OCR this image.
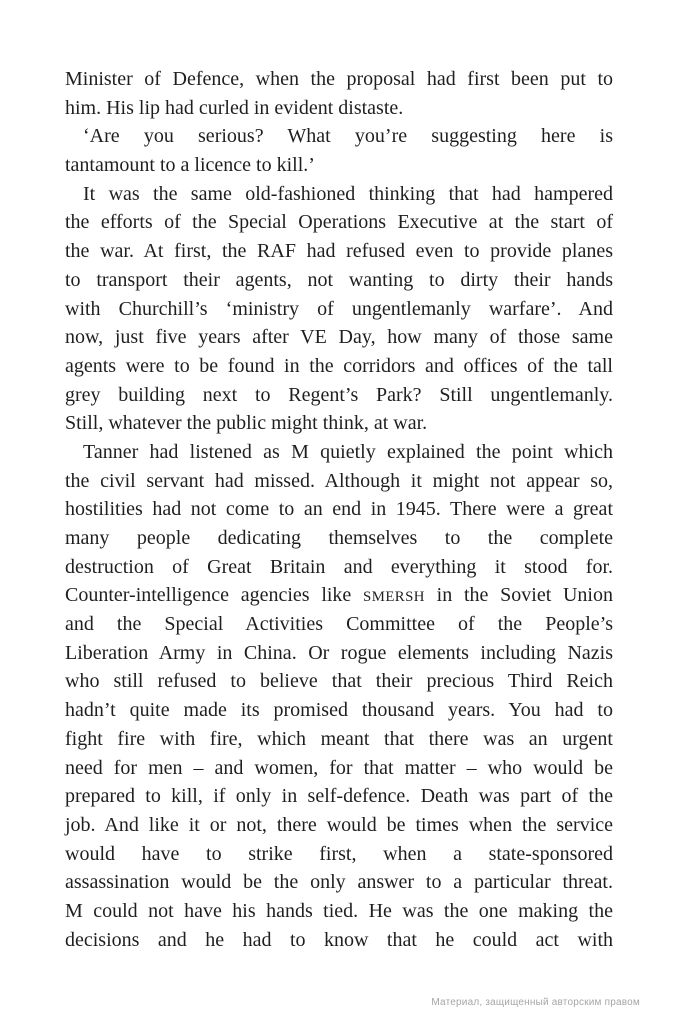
Minister of Defence, when the proposal had first been put to
him. His lip had curled in evident distaste.
‘Are you serious? What you’re suggesting here is
tantamount to a licence to kill.’
It was the same old-fashioned thinking that had hampered
the efforts of the Special Operations Executive at the start of
the war. At first, the RAF had refused even to provide planes
to transport their agents, not wanting to dirty their hands
with Churchill’s ‘ministry of ungentlemanly warfare’. And
now, just five years after VE Day, how many of those same
agents were to be found in the corridors and offices of the tall
grey building next to Regent’s Park? Still ungentlemanly.
Still, whatever the public might think, at war.
Tanner had listened as M quietly explained the point which
the civil servant had missed. Although it might not appear so,
hostilities had not come to an end in 1945. There were a great
many people dedicating themselves to the complete
destruction of Great Britain and everything it stood for.
Counter-intelligence agencies like SMERSH in the Soviet Union
and the Special Activities Committee of the People’s
Liberation Army in China. Or rogue elements including Nazis
who still refused to believe that their precious Third Reich
hadn’t quite made its promised thousand years. You had to
fight fire with fire, which meant that there was an urgent
need for men – and women, for that matter – who would be
prepared to kill, if only in self-defence. Death was part of the
job. And like it or not, there would be times when the service
would have to strike first, when a state-sponsored
assassination would be the only answer to a particular threat.
M could not have his hands tied. He was the one making the
decisions and he had to know that he could act with
Материал, защищенный авторским правом
